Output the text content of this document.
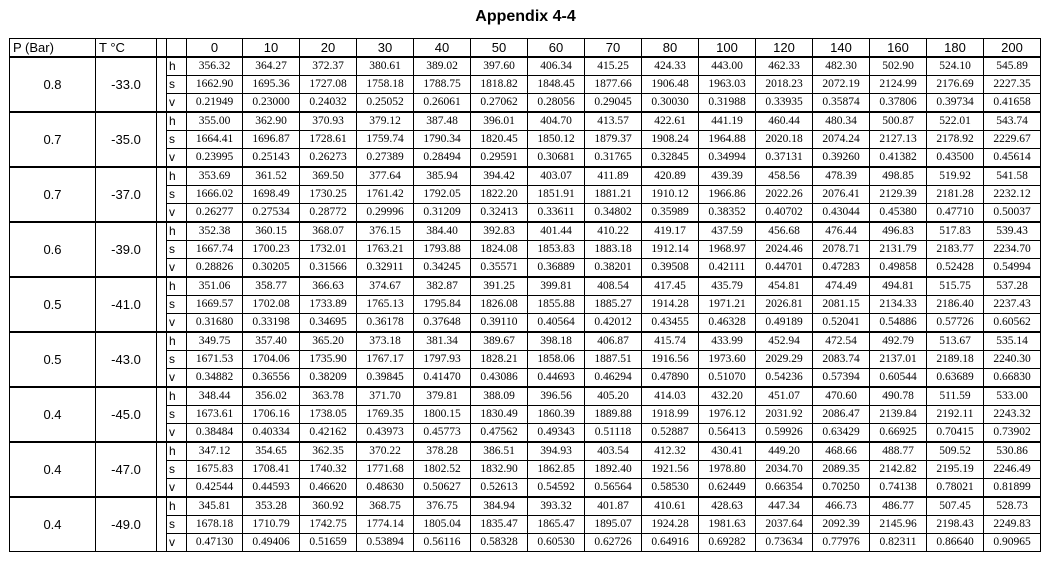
Appendix 4-4
P (Bar)	T °C			0	10	20	30	40	50	60	70	80	100	120	140	160	180	200
0.8	-33.0		h	356.32	364.27	372.37	380.61	389.02	397.60	406.34	415.25	424.33	443.00	462.33	482.30	502.90	524.10	545.89
			s	1662.90	1695.36	1727.08	1758.18	1788.75	1818.82	1848.45	1877.66	1906.48	1963.03	2018.23	2072.19	2124.99	2176.69	2227.35
			v	0.21949	0.23000	0.24032	0.25052	0.26061	0.27062	0.28056	0.29045	0.30030	0.31988	0.33935	0.35874	0.37806	0.39734	0.41658
0.7	-35.0		h	355.00	362.90	370.93	379.12	387.48	396.01	404.70	413.57	422.61	441.19	460.44	480.34	500.87	522.01	543.74
			s	1664.41	1696.87	1728.61	1759.74	1790.34	1820.45	1850.12	1879.37	1908.24	1964.88	2020.18	2074.24	2127.13	2178.92	2229.67
			v	0.23995	0.25143	0.26273	0.27389	0.28494	0.29591	0.30681	0.31765	0.32845	0.34994	0.37131	0.39260	0.41382	0.43500	0.45614
0.7	-37.0		h	353.69	361.52	369.50	377.64	385.94	394.42	403.07	411.89	420.89	439.39	458.56	478.39	498.85	519.92	541.58
			s	1666.02	1698.49	1730.25	1761.42	1792.05	1822.20	1851.91	1881.21	1910.12	1966.86	2022.26	2076.41	2129.39	2181.28	2232.12
			v	0.26277	0.27534	0.28772	0.29996	0.31209	0.32413	0.33611	0.34802	0.35989	0.38352	0.40702	0.43044	0.45380	0.47710	0.50037
0.6	-39.0		h	352.38	360.15	368.07	376.15	384.40	392.83	401.44	410.22	419.17	437.59	456.68	476.44	496.83	517.83	539.43
			s	1667.74	1700.23	1732.01	1763.21	1793.88	1824.08	1853.83	1883.18	1912.14	1968.97	2024.46	2078.71	2131.79	2183.77	2234.70
			v	0.28826	0.30205	0.31566	0.32911	0.34245	0.35571	0.36889	0.38201	0.39508	0.42111	0.44701	0.47283	0.49858	0.52428	0.54994
0.5	-41.0		h	351.06	358.77	366.63	374.67	382.87	391.25	399.81	408.54	417.45	435.79	454.81	474.49	494.81	515.75	537.28
			s	1669.57	1702.08	1733.89	1765.13	1795.84	1826.08	1855.88	1885.27	1914.28	1971.21	2026.81	2081.15	2134.33	2186.40	2237.43
			v	0.31680	0.33198	0.34695	0.36178	0.37648	0.39110	0.40564	0.42012	0.43455	0.46328	0.49189	0.52041	0.54886	0.57726	0.60562
0.5	-43.0		h	349.75	357.40	365.20	373.18	381.34	389.67	398.18	406.87	415.74	433.99	452.94	472.54	492.79	513.67	535.14
			s	1671.53	1704.06	1735.90	1767.17	1797.93	1828.21	1858.06	1887.51	1916.56	1973.60	2029.29	2083.74	2137.01	2189.18	2240.30
			v	0.34882	0.36556	0.38209	0.39845	0.41470	0.43086	0.44693	0.46294	0.47890	0.51070	0.54236	0.57394	0.60544	0.63689	0.66830
0.4	-45.0		h	348.44	356.02	363.78	371.70	379.81	388.09	396.56	405.20	414.03	432.20	451.07	470.60	490.78	511.59	533.00
			s	1673.61	1706.16	1738.05	1769.35	1800.15	1830.49	1860.39	1889.88	1918.99	1976.12	2031.92	2086.47	2139.84	2192.11	2243.32
			v	0.38484	0.40334	0.42162	0.43973	0.45773	0.47562	0.49343	0.51118	0.52887	0.56413	0.59926	0.63429	0.66925	0.70415	0.73902
0.4	-47.0		h	347.12	354.65	362.35	370.22	378.28	386.51	394.93	403.54	412.32	430.41	449.20	468.66	488.77	509.52	530.86
			s	1675.83	1708.41	1740.32	1771.68	1802.52	1832.90	1862.85	1892.40	1921.56	1978.80	2034.70	2089.35	2142.82	2195.19	2246.49
			v	0.42544	0.44593	0.46620	0.48630	0.50627	0.52613	0.54592	0.56564	0.58530	0.62449	0.66354	0.70250	0.74138	0.78021	0.81899
0.4	-49.0		h	345.81	353.28	360.92	368.75	376.75	384.94	393.32	401.87	410.61	428.63	447.34	466.73	486.77	507.45	528.73
			s	1678.18	1710.79	1742.75	1774.14	1805.04	1835.47	1865.47	1895.07	1924.28	1981.63	2037.64	2092.39	2145.96	2198.43	2249.83
			v	0.47130	0.49406	0.51659	0.53894	0.56116	0.58328	0.60530	0.62726	0.64916	0.69282	0.73634	0.77976	0.82311	0.86640	0.90965
